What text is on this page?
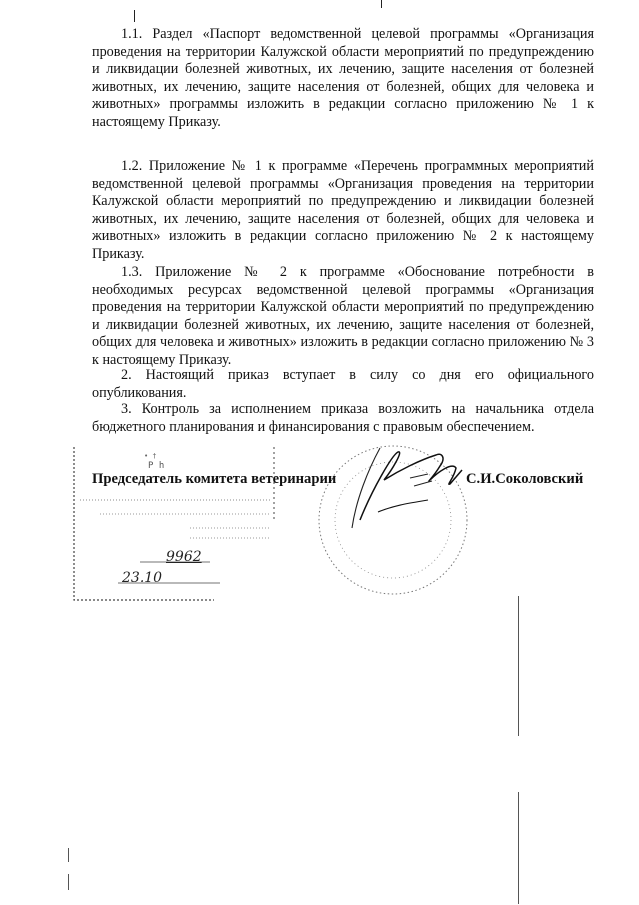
1.1. Раздел «Паспорт ведомственной целевой программы «Организация проведения на территории Калужской области мероприятий по предупреждению и ликвидации болезней животных, их лечению, защите населения от болезней животных, их лечению, защите населения от болезней, общих для человека и животных» программы изложить в редакции согласно приложению № 1 к настоящему Приказу.

1.2. Приложение № 1 к программе «Перечень программных мероприятий ведомственной целевой программы «Организация проведения на территории Калужской области мероприятий по предупреждению и ликвидации болезней животных, их лечению, защите населения от болезней, общих для человека и животных» изложить в редакции согласно приложению № 2 к настоящему Приказу.

1.3. Приложение № 2 к программе «Обоснование потребности в необходимых ресурсах ведомственной целевой программы «Организация проведения на территории Калужской области мероприятий по предупреждению и ликвидации болезней животных, их лечению, защите населения от болезней, общих для человека и животных» изложить в редакции согласно приложению № 3 к настоящему Приказу.

2. Настоящий приказ вступает в силу со дня его официального опубликования.

3. Контроль за исполнением приказа возложить на начальника отдела бюджетного планирования и финансирования с правовым обеспечением.

P h
• †
9962
23.10
Председатель комитета ветеринарии	С.И.Соколовский
